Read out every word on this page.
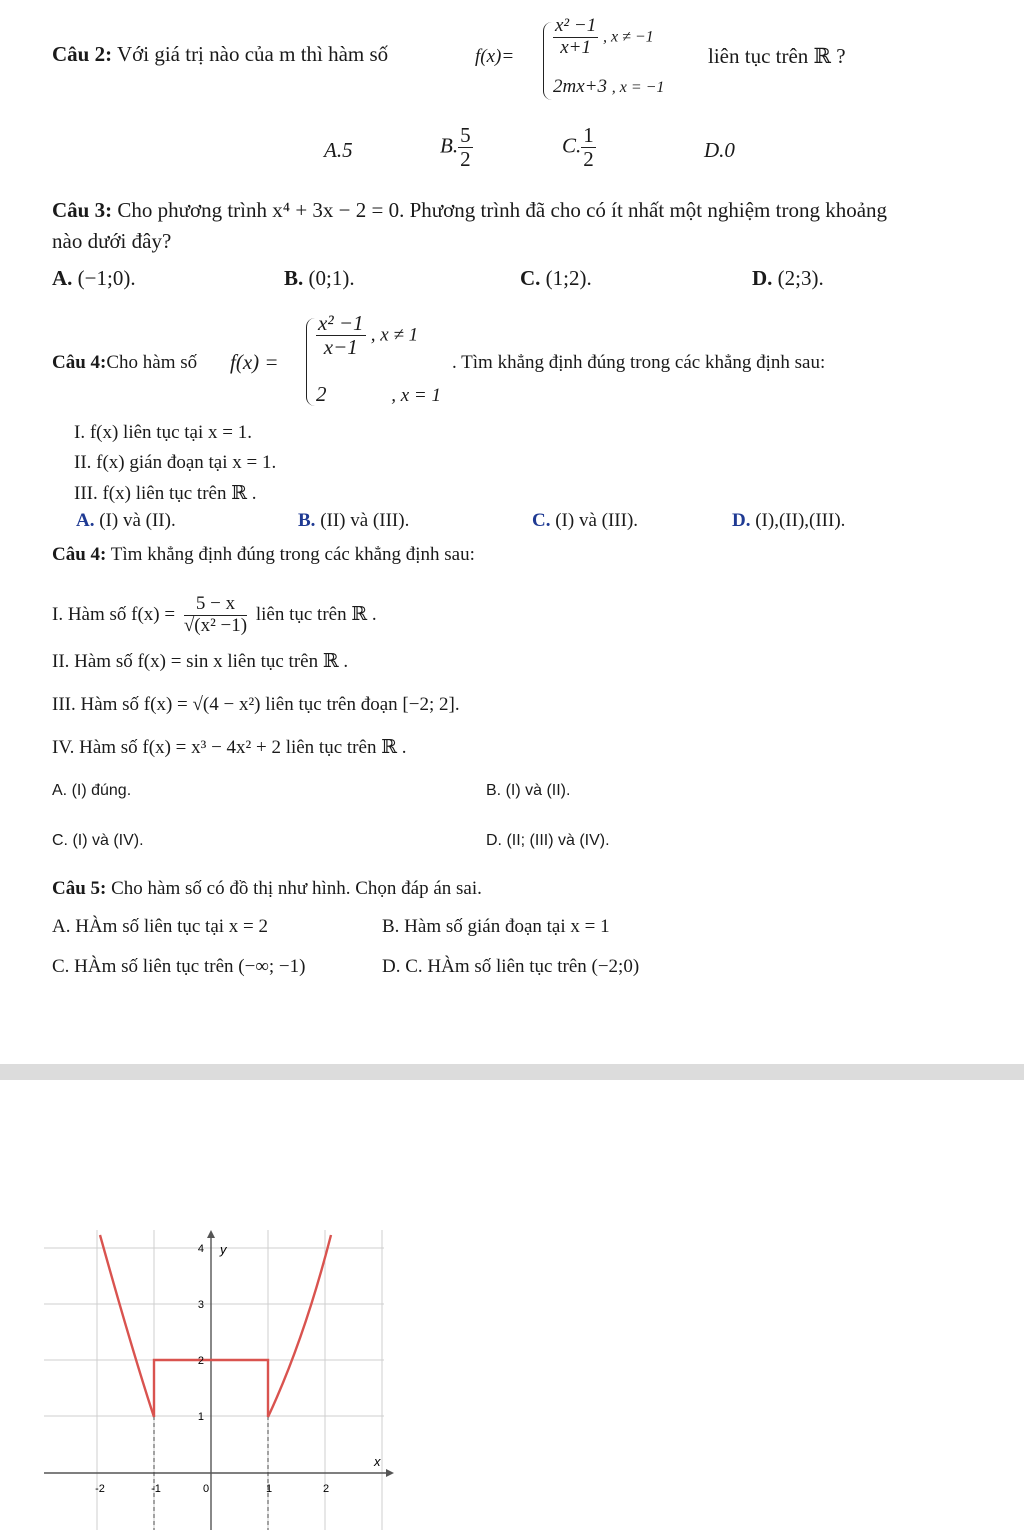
Câu 2: Với giá trị nào của m thì hàm số	$f(x)= \frac{\text{x² −1}}{x+1}$ , x ≠ −1
2mx+3 , x = −1
liên tục trên ℝ ?
A.5	B. $\frac{5}{2}$	C. $\frac{1}{2}$	D.0
Câu 3: Cho phương trình x⁴ + 3x − 2 = 0. Phương trình đã cho có ít nhất một nghiệm trong khoảng
nào dưới đây?
A. (−1;0).	B. (0;1).	C. (1;2).	D. (2;3).
Câu 4:Cho hàm số f(x) =
$\frac{\text{x² −1}}{x-1}$ , x ≠ 1
2	, x = 1
. Tìm khẳng định đúng trong các khẳng định sau:
I. f(x) liên tục tại x = 1.
II. f(x) gián đoạn tại x = 1.
III. f(x) liên tục trên ℝ .
A. (I) và (II).	B. (II) và (III).	C. (I) và (III).	D. (I),(II),(III).
Câu 4: Tìm khẳng định đúng trong các khẳng định sau:
I. Hàm số $f(x) = \frac{5 - x}{\text{√(x² −1)}}$ liên tục trên ℝ .
II. Hàm số f(x) = sin x liên tục trên ℝ .
III. Hàm số f(x) = √(4 − x²) liên tục trên đoạn [−2; 2].
IV. Hàm số f(x) = x³ − 4x² + 2 liên tục trên ℝ .
A. (I) đúng.	B. (I) và (II).
C. (I) và (IV).	D. (II; (III) và (IV).
Câu 5: Cho hàm số có đồ thị như hình. Chọn đáp án sai.
A. HÀm số liên tục tại x = 2	B. Hàm số gián đoạn tại x = 1
C. HÀm số liên tục trên (−∞; −1)	D. C. HÀm số liên tục trên (−2;0)
-2	-1	0	1	2
1
2
3
4 y
x
